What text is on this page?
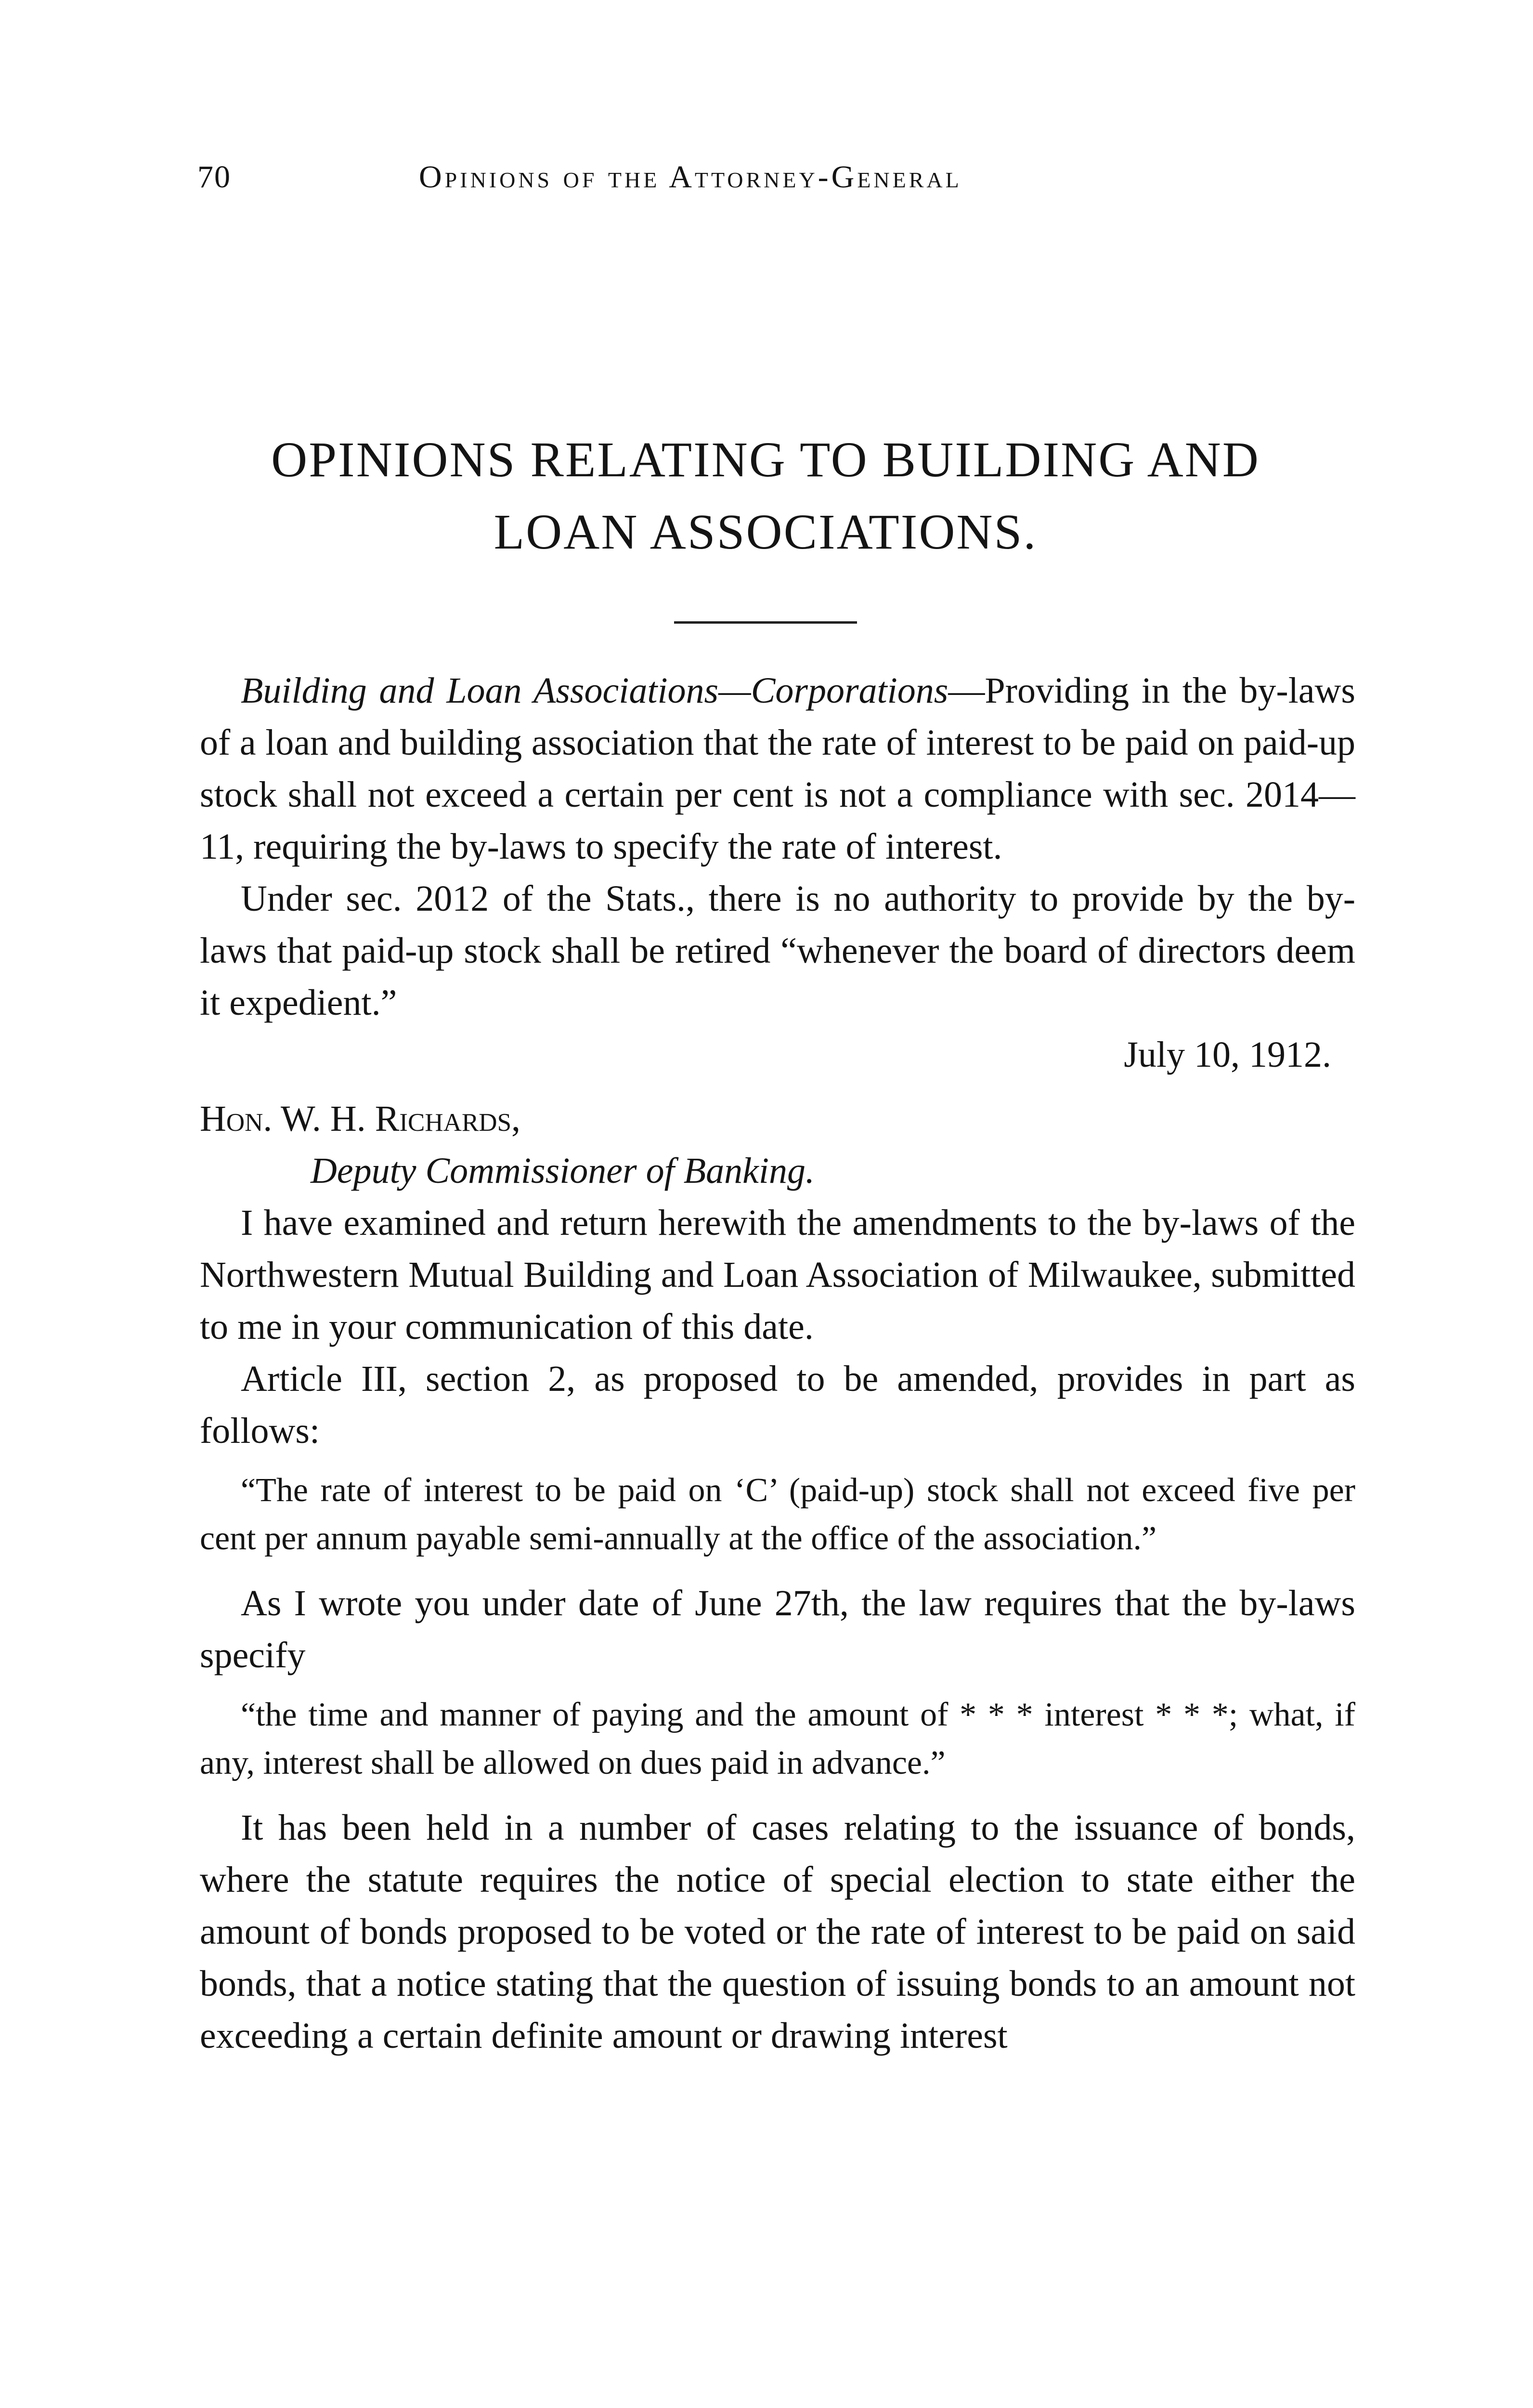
70	Opinions of the Attorney-General
OPINIONS RELATING TO BUILDING AND
LOAN ASSOCIATIONS.

Building and Loan Associations—Corporations—Providing in the by-laws of a loan and building association that the rate of interest to be paid on paid-up stock shall not exceed a certain per cent is not a compliance with sec. 2014—11, requiring the by-laws to specify the rate of interest.

Under sec. 2012 of the Stats., there is no authority to provide by the by-laws that paid-up stock shall be retired “whenever the board of directors deem it expedient.”

July 10, 1912.

Hon. W. H. Richards,

Deputy Commissioner of Banking.

I have examined and return herewith the amendments to the by-laws of the Northwestern Mutual Building and Loan Association of Milwaukee, submitted to me in your communication of this date.

Article III, section 2, as proposed to be amended, provides in part as follows:

“The rate of interest to be paid on ‘C’ (paid-up) stock shall not exceed five per cent per annum payable semi-annually at the office of the association.”

As I wrote you under date of June 27th, the law requires that the by-laws specify

“the time and manner of paying and the amount of * * * interest * * *; what, if any, interest shall be allowed on dues paid in advance.”

It has been held in a number of cases relating to the issuance of bonds, where the statute requires the notice of special election to state either the amount of bonds proposed to be voted or the rate of interest to be paid on said bonds, that a notice stating that the question of issuing bonds to an amount not exceeding a certain definite amount or drawing interest
